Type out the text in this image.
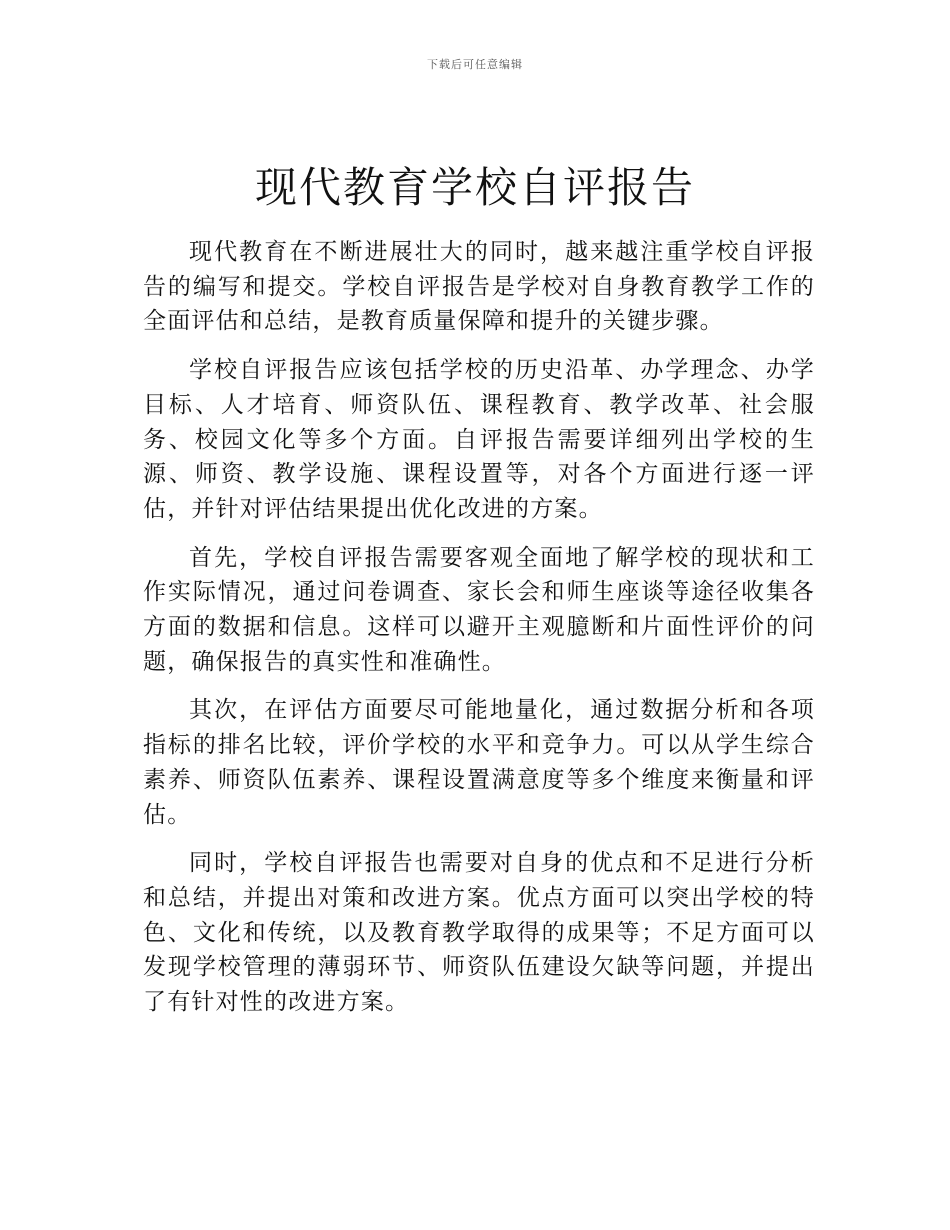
下载后可任意编辑
现代教育学校自评报告

现代教育在不断进展壮大的同时，越来越注重学校自评报告的编写和提交。学校自评报告是学校对自身教育教学工作的全面评估和总结，是教育质量保障和提升的关键步骤。

学校自评报告应该包括学校的历史沿革、办学理念、办学目标、人才培育、师资队伍、课程教育、教学改革、社会服务、校园文化等多个方面。自评报告需要详细列出学校的生源、师资、教学设施、课程设置等，对各个方面进行逐一评估，并针对评估结果提出优化改进的方案。

首先，学校自评报告需要客观全面地了解学校的现状和工作实际情况，通过问卷调查、家长会和师生座谈等途径收集各方面的数据和信息。这样可以避开主观臆断和片面性评价的问题，确保报告的真实性和准确性。

其次，在评估方面要尽可能地量化，通过数据分析和各项指标的排名比较，评价学校的水平和竞争力。可以从学生综合素养、师资队伍素养、课程设置满意度等多个维度来衡量和评估。

同时，学校自评报告也需要对自身的优点和不足进行分析和总结，并提出对策和改进方案。优点方面可以突出学校的特色、文化和传统，以及教育教学取得的成果等；不足方面可以发现学校管理的薄弱环节、师资队伍建设欠缺等问题，并提出了有针对性的改进方案。
